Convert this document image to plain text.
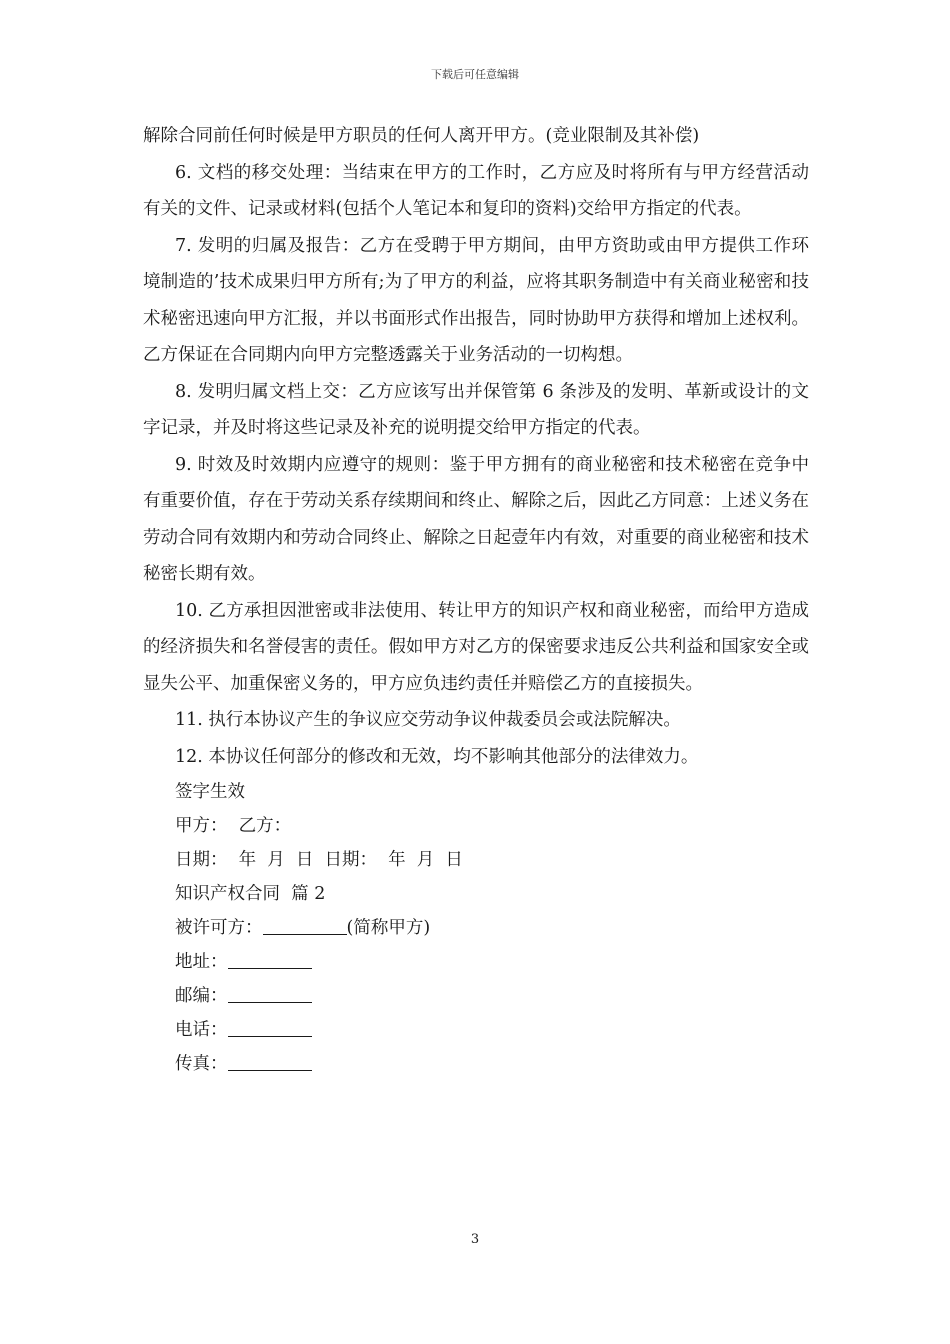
下载后可任意编辑

解除合同前任何时候是甲方职员的任何人离开甲方。(竞业限制及其补偿)

6. 文档的移交处理：当结束在甲方的工作时，乙方应及时将所有与甲方经营活动有关的文件、记录或材料(包括个人笔记本和复印的资料)交给甲方指定的代表。

7. 发明的归属及报告：乙方在受聘于甲方期间，由甲方资助或由甲方提供工作环境制造的’技术成果归甲方所有;为了甲方的利益，应将其职务制造中有关商业秘密和技术秘密迅速向甲方汇报，并以书面形式作出报告，同时协助甲方获得和增加上述权利。乙方保证在合同期内向甲方完整透露关于业务活动的一切构想。

8. 发明归属文档上交：乙方应该写出并保管第 6 条涉及的发明、革新或设计的文字记录，并及时将这些记录及补充的说明提交给甲方指定的代表。

9. 时效及时效期内应遵守的规则：鉴于甲方拥有的商业秘密和技术秘密在竞争中有重要价值，存在于劳动关系存续期间和终止、解除之后，因此乙方同意：上述义务在劳动合同有效期内和劳动合同终止、解除之日起壹年内有效，对重要的商业秘密和技术秘密长期有效。

10. 乙方承担因泄密或非法使用、转让甲方的知识产权和商业秘密，而给甲方造成的经济损失和名誉侵害的责任。假如甲方对乙方的保密要求违反公共利益和国家安全或显失公平、加重保密义务的，甲方应负违约责任并赔偿乙方的直接损失。

11. 执行本协议产生的争议应交劳动争议仲裁委员会或法院解决。

12. 本协议任何部分的修改和无效，均不影响其他部分的法律效力。

签字生效

甲方：  乙方：

日期：  年  月  日  日期：  年  月  日

知识产权合同  篇 2

被许可方：	(简称甲方)

地址：

邮编：

电话：

传真：

3
